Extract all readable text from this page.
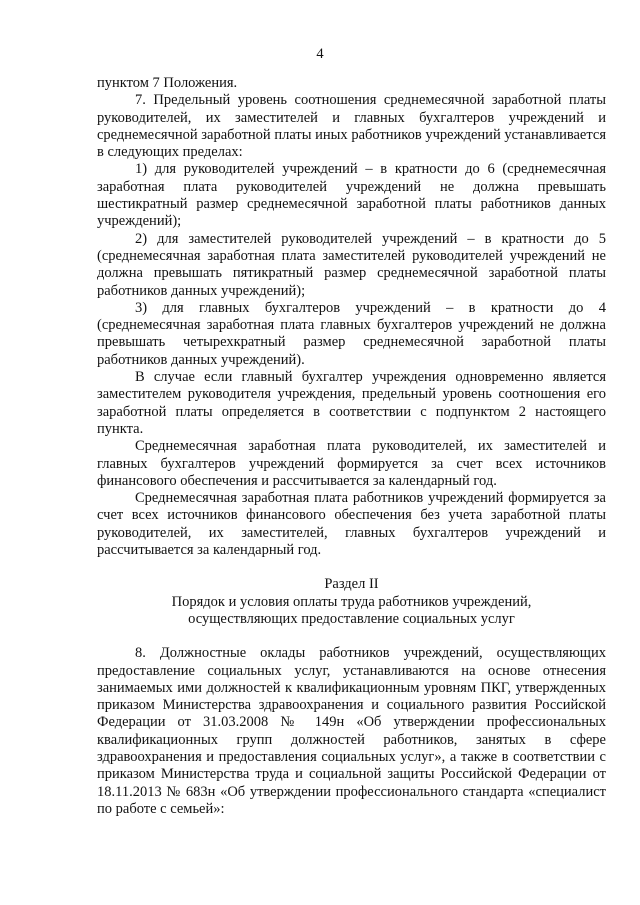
4

пунктом 7 Положения.

7. Предельный уровень соотношения среднемесячной заработной платы руководителей, их заместителей и главных бухгалтеров учреждений и среднемесячной заработной платы иных работников учреждений устанавливается в следующих пределах:

1) для руководителей учреждений – в кратности до 6 (среднемесячная заработная плата руководителей учреждений не должна превышать шестикратный размер среднемесячной заработной платы работников данных учреждений);

2) для заместителей руководителей учреждений – в кратности до 5 (среднемесячная заработная плата заместителей руководителей учреждений не должна превышать пятикратный размер среднемесячной заработной платы работников данных учреждений);

3) для главных бухгалтеров учреждений – в кратности до 4 (среднемесячная заработная плата главных бухгалтеров учреждений не должна превышать четырехкратный размер среднемесячной заработной платы работников данных учреждений).

В случае если главный бухгалтер учреждения одновременно является заместителем руководителя учреждения, предельный уровень соотношения его заработной платы определяется в соответствии с подпунктом 2 настоящего пункта.

Среднемесячная заработная плата руководителей, их заместителей и главных бухгалтеров учреждений формируется за счет всех источников финансового обеспечения и рассчитывается за календарный год.

Среднемесячная заработная плата работников учреждений формируется за счет всех источников финансового обеспечения без учета заработной платы руководителей, их заместителей, главных бухгалтеров учреждений и рассчитывается за календарный год.

Раздел II

Порядок и условия оплаты труда работников учреждений,

осуществляющих предоставление социальных услуг

8. Должностные оклады работников учреждений, осуществляющих предоставление социальных услуг, устанавливаются на основе отнесения занимаемых ими должностей к квалификационным уровням ПКГ, утвержденных приказом Министерства здравоохранения и социального развития Российской Федерации от 31.03.2008 № 149н «Об утверждении профессиональных квалификационных групп должностей работников, занятых в сфере здравоохранения и предоставления социальных услуг», а также в соответствии с приказом Министерства труда и социальной защиты Российской Федерации от 18.11.2013 № 683н «Об утверждении профессионального стандарта «специалист по работе с семьей»:
